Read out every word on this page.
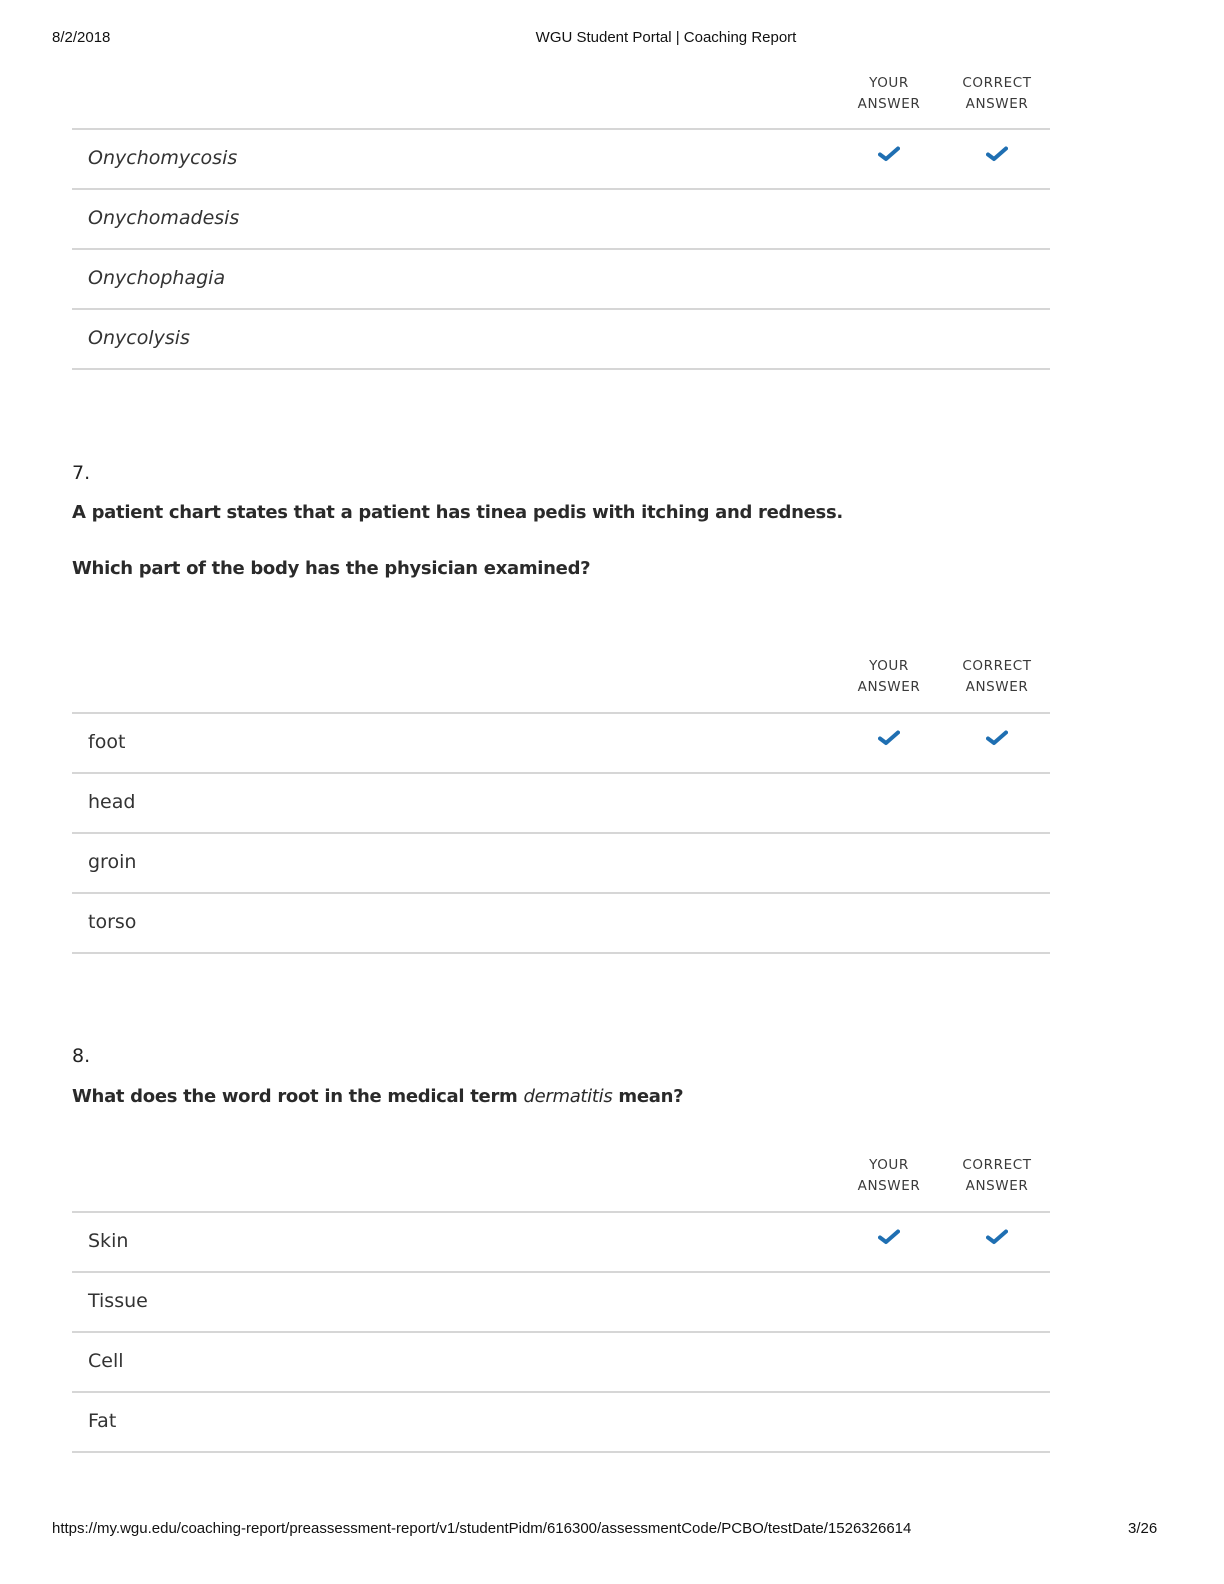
8/2/2018	WGU Student Portal | Coaching Report
YOUR
ANSWER
CORRECT
ANSWER
Onychomycosis
Onychomadesis
Onychophagia
Onycolysis
7.
A patient chart states that a patient has tinea pedis with itching and redness.
Which part of the body has the physician examined?
YOUR
ANSWER
CORRECT
ANSWER
foot
head
groin
torso
8.
What does the word root in the medical term dermatitis mean?
YOUR
ANSWER
CORRECT
ANSWER
Skin
Tissue
Cell
Fat
https://my.wgu.edu/coaching-report/preassessment-report/v1/studentPidm/616300/assessmentCode/PCBO/testDate/1526326614	3/26
